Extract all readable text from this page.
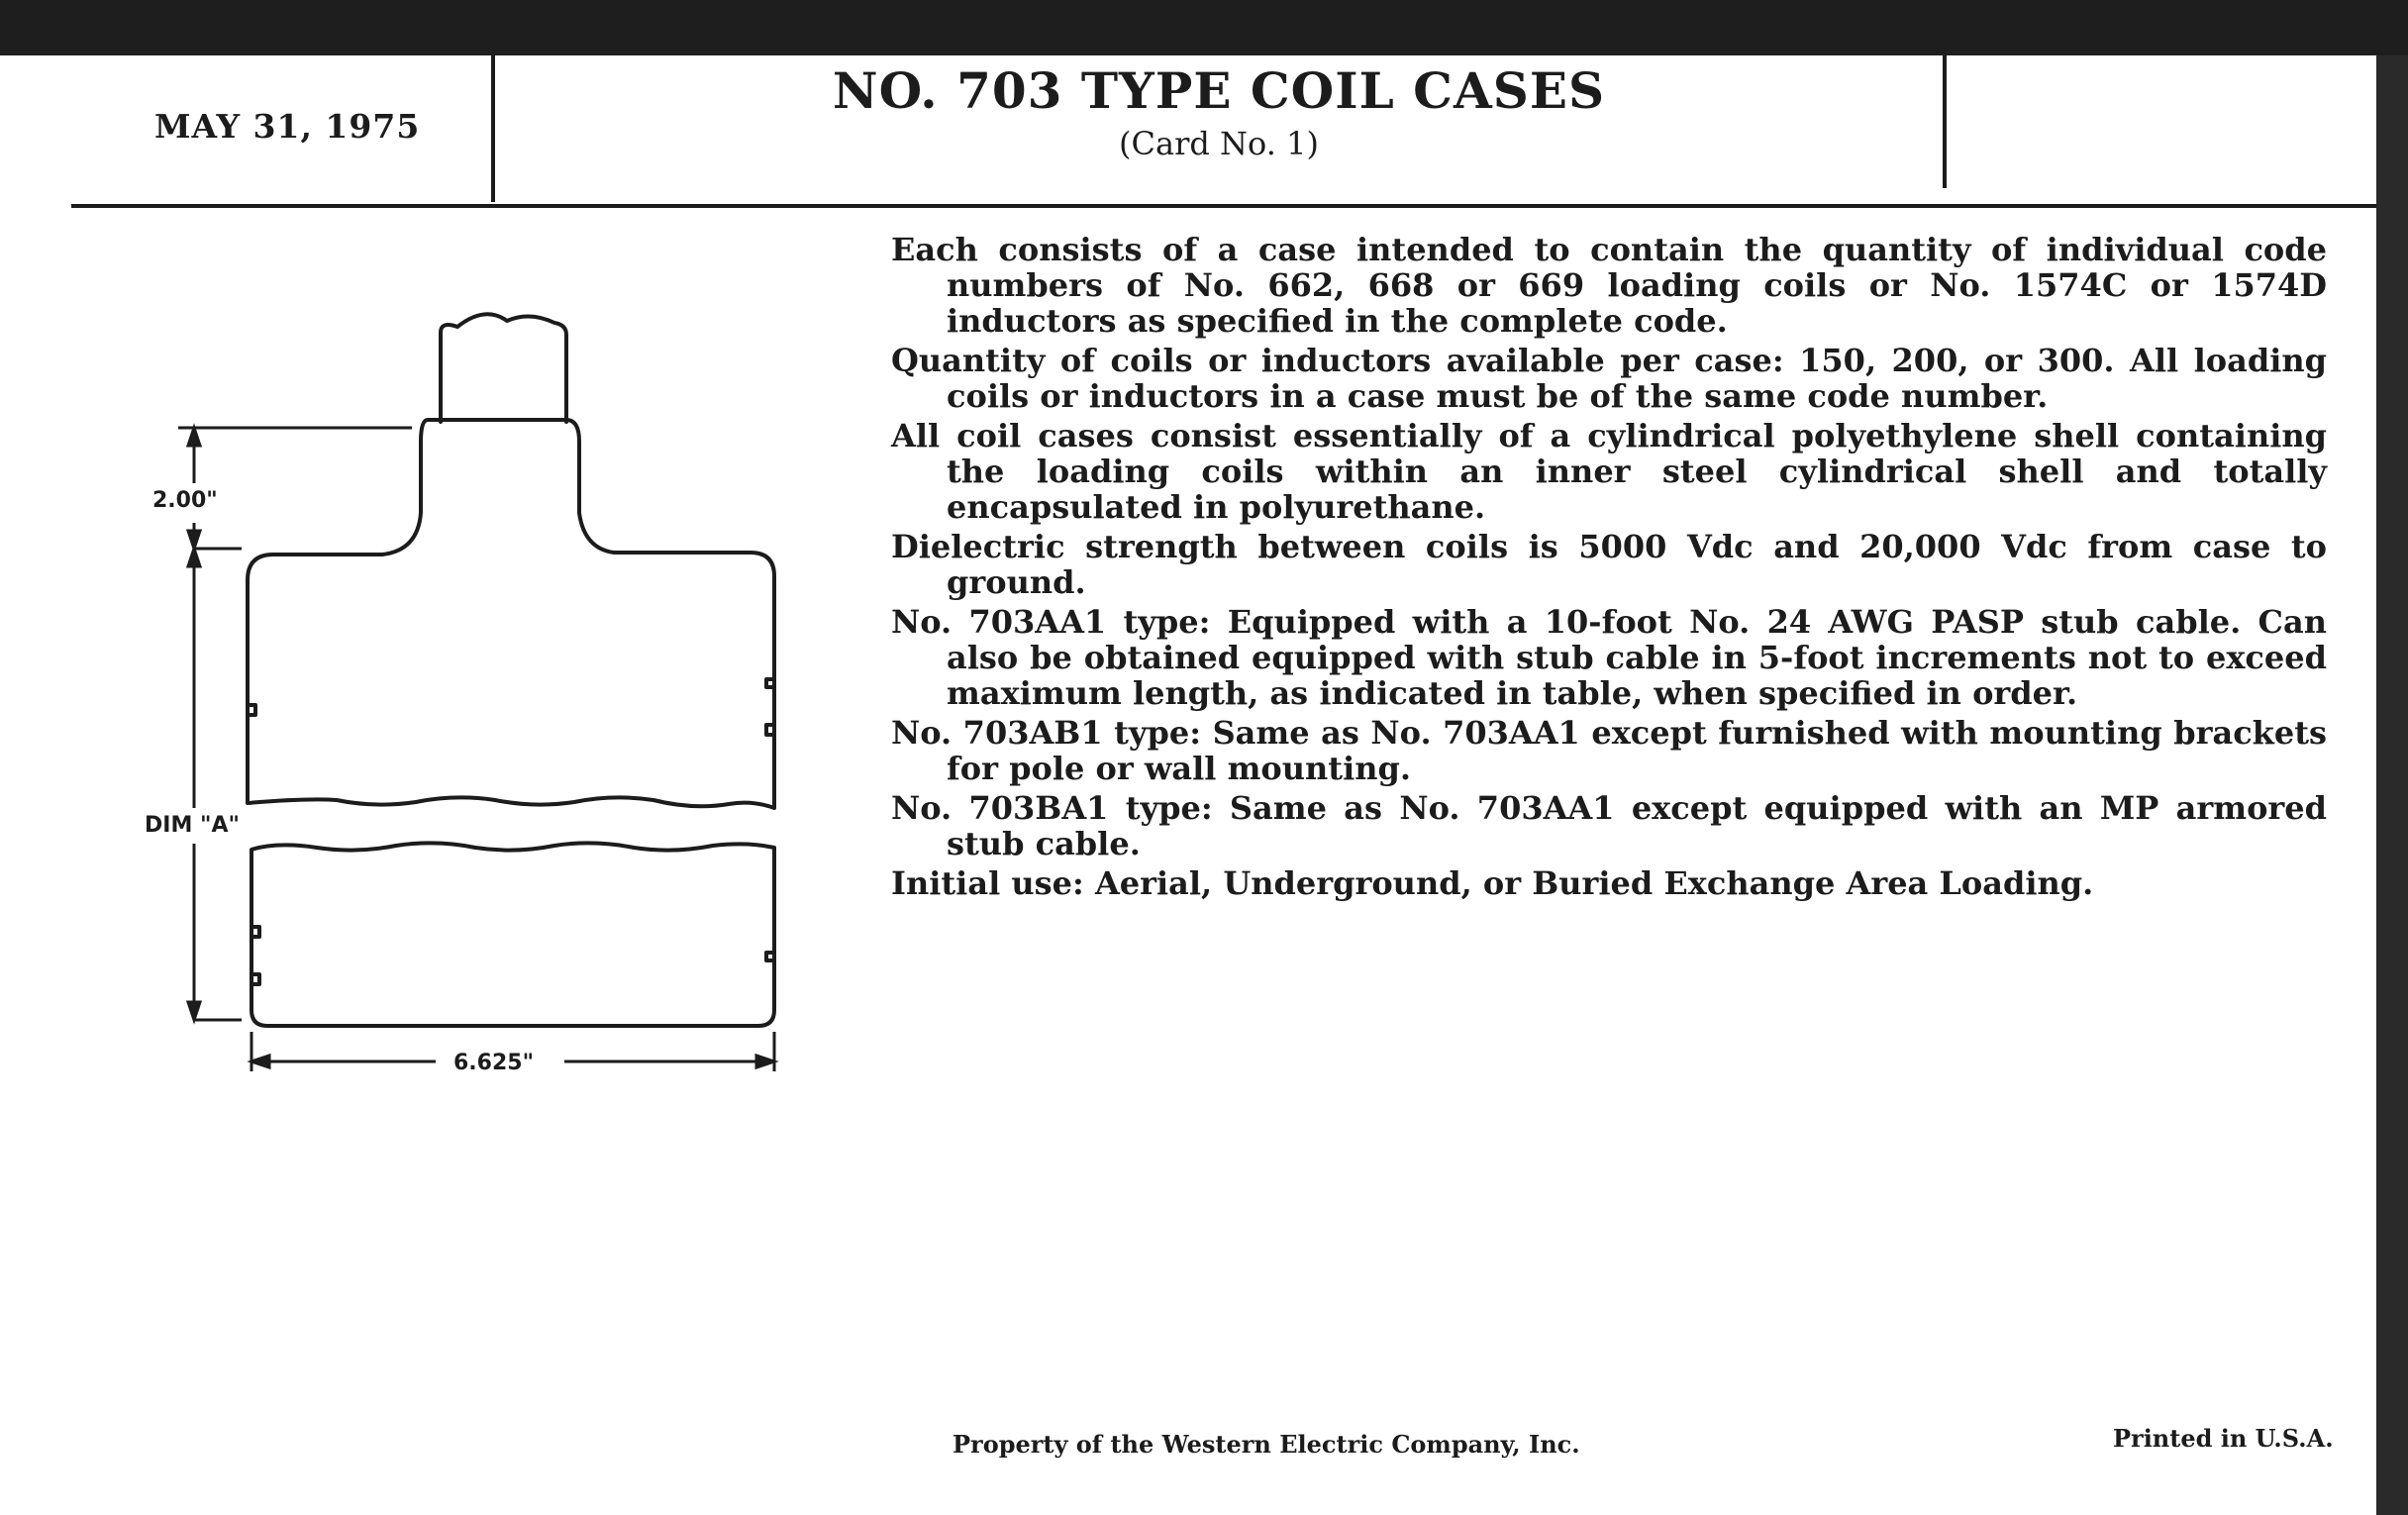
MAY 31, 1975
NO. 703 TYPE COIL CASES
(Card No. 1)
2.00"
DIM "A"
6.625"

Each consists of a case intended to contain the quantity of individual code numbers of No. 662, 668 or 669 loading coils or No. 1574C or 1574D inductors as specified in the complete code.

Quantity of coils or inductors available per case: 150, 200, or 300. All loading coils or inductors in a case must be of the same code number.

All coil cases consist essentially of a cylindrical polyethylene shell containing the loading coils within an inner steel cylindrical shell and totally encapsulated in polyurethane.

Dielectric strength between coils is 5000 Vdc and 20,000 Vdc from case to ground.

No. 703AA1 type: Equipped with a 10-foot No. 24 AWG PASP stub cable. Can also be obtained equipped with stub cable in 5-foot increments not to exceed maximum length, as indicated in table, when specified in order.

No. 703AB1 type: Same as No. 703AA1 except furnished with mounting brackets for pole or wall mounting.

No. 703BA1 type: Same as No. 703AA1 except equipped with an MP armored stub cable.

Initial use: Aerial, Underground, or Buried Exchange Area Loading.

Property of the Western Electric Company, Inc.	Printed in U.S.A.
